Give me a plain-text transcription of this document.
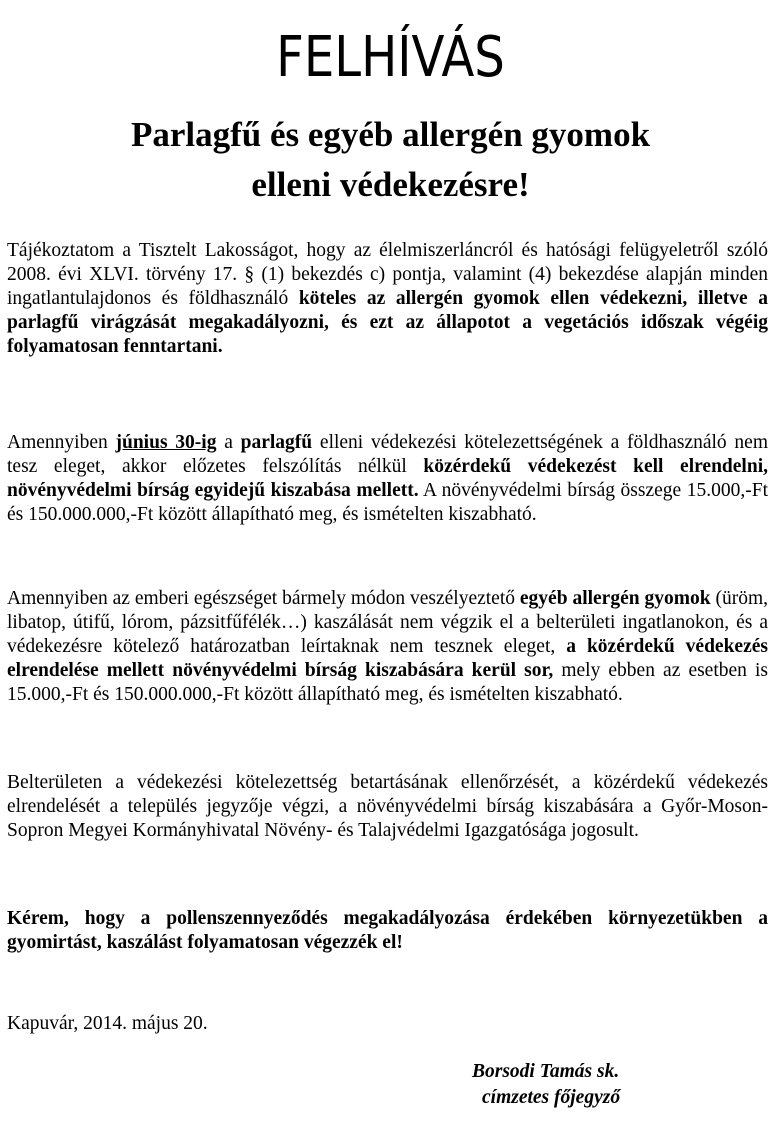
FELHÍVÁS
Parlagfű és egyéb allergén gyomok
elleni védekezésre!

Tájékoztatom a Tisztelt Lakosságot, hogy az élelmiszerláncról és hatósági felügyeletről szóló 2008. évi XLVI. törvény 17. § (1) bekezdés c) pontja, valamint (4) bekezdése alapján minden ingatlantulajdonos és földhasználó köteles az allergén gyomok ellen védekezni, illetve a parlagfű virágzását megakadályozni, és ezt az állapotot a vegetációs időszak végéig folyamatosan fenntartani.

Amennyiben június 30-ig a parlagfű elleni védekezési kötelezettségének a földhasználó nem tesz eleget, akkor előzetes felszólítás nélkül közérdekű védekezést kell elrendelni, növényvédelmi bírság egyidejű kiszabása mellett. A növényvédelmi bírság összege 15.000,-Ft és 150.000.000,-Ft között állapítható meg, és ismételten kiszabható.

Amennyiben az emberi egészséget bármely módon veszélyeztető egyéb allergén gyomok (üröm, libatop, útifű, lórom, pázsitfűfélék…) kaszálását nem végzik el a belterületi ingatlanokon, és a védekezésre kötelező határozatban leírtaknak nem tesznek eleget, a közérdekű védekezés elrendelése mellett növényvédelmi bírság kiszabására kerül sor, mely ebben az esetben is 15.000,-Ft és 150.000.000,-Ft között állapítható meg, és ismételten kiszabható.

Belterületen a védekezési kötelezettség betartásának ellenőrzését, a közérdekű védekezés elrendelését a település jegyzője végzi, a növényvédelmi bírság kiszabására a Győr-Moson-Sopron Megyei Kormányhivatal Növény- és Talajvédelmi Igazgatósága jogosult.

Kérem, hogy a pollenszennyeződés megakadályozása érdekében környezetükben a gyomirtást, kaszálást folyamatosan végezzék el!

Kapuvár, 2014. május 20.
Borsodi Tamás sk.
címzetes főjegyző
